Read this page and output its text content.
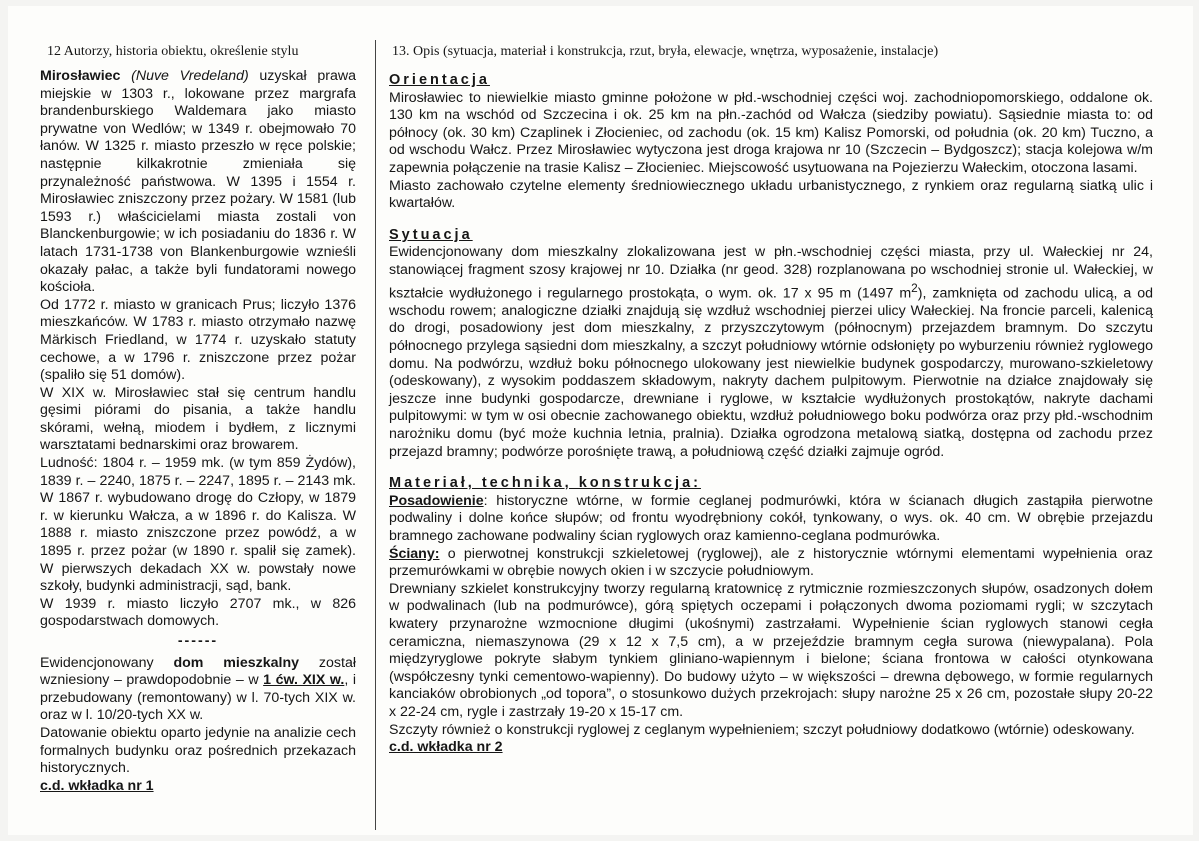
12 Autorzy, historia obiektu, określenie stylu	13. Opis (sytuacja, materiał i konstrukcja, rzut, bryła, elewacje, wnętrza, wyposażenie, instalacje)

Mirosławiec (Nuve Vredeland) uzyskał prawa miejskie w 1303 r., lokowane przez margrafa brandenburskiego Waldemara jako miasto prywatne von Wedlów; w 1349 r. obejmowało 70 łanów. W 1325 r. miasto przeszło w ręce polskie; następnie kilkakrotnie zmieniała się przynależność państwowa. W 1395 i 1554 r. Mirosławiec zniszczony przez pożary. W 1581 (lub 1593 r.) właścicielami miasta zostali von Blanckenburgowie; w ich posiadaniu do 1836 r. W latach 1731-1738 von Blankenburgowie wznieśli okazały pałac, a także byli fundatorami nowego kościoła.

Od 1772 r. miasto w granicach Prus; liczyło 1376 mieszkańców. W 1783 r. miasto otrzymało nazwę Märkisch Friedland, w 1774 r. uzyskało statuty cechowe, a w 1796 r. zniszczone przez pożar (spaliło się 51 domów).

W XIX w. Mirosławiec stał się centrum handlu gęsimi piórami do pisania, a także handlu skórami, wełną, miodem i bydłem, z licznymi warsztatami bednarskimi oraz browarem.

Ludność: 1804 r. – 1959 mk. (w tym 859 Żydów), 1839 r. – 2240, 1875 r. – 2247, 1895 r. – 2143 mk. W 1867 r. wybudowano drogę do Człopy, w 1879 r. w kierunku Wałcza, a w 1896 r. do Kalisza. W 1888 r. miasto zniszczone przez powódź, a w 1895 r. przez pożar (w 1890 r. spalił się zamek). W pierwszych dekadach XX w. powstały nowe szkoły, budynki administracji, sąd, bank.

W 1939 r. miasto liczyło 2707 mk., w 826 gospodarstwach domowych.

------

Ewidencjonowany dom mieszkalny został wzniesiony – prawdopodobnie – w 1 ćw. XIX w., i przebudowany (remontowany) w l. 70-tych XIX w. oraz w l. 10/20-tych XX w.

Datowanie obiektu oparto jedynie na analizie cech formalnych budynku oraz pośrednich przekazach historycznych.

c.d. wkładka nr 1

Orientacja

Mirosławiec to niewielkie miasto gminne położone w płd.-wschodniej części woj. zachodniopomorskiego, oddalone ok. 130 km na wschód od Szczecina i ok. 25 km na płn.-zachód od Wałcza (siedziby powiatu). Sąsiednie miasta to: od północy (ok. 30 km) Czaplinek i Złocieniec, od zachodu (ok. 15 km) Kalisz Pomorski, od południa (ok. 20 km) Tuczno, a od wschodu Wałcz. Przez Mirosławiec wytyczona jest droga krajowa nr 10 (Szczecin – Bydgoszcz); stacja kolejowa w/m zapewnia połączenie na trasie Kalisz – Złocieniec. Miejscowość usytuowana na Pojezierzu Wałeckim, otoczona lasami.

Miasto zachowało czytelne elementy średniowiecznego układu urbanistycznego, z rynkiem oraz regularną siatką ulic i kwartałów.

Sytuacja

Ewidencjonowany dom mieszkalny zlokalizowana jest w płn.-wschodniej części miasta, przy ul. Wałeckiej nr 24, stanowiącej fragment szosy krajowej nr 10. Działka (nr geod. 328) rozplanowana po wschodniej stronie ul. Wałeckiej, w kształcie wydłużonego i regularnego prostokąta, o wym. ok. 17 x 95 m (1497 $m^2$), zamknięta od zachodu ulicą, a od wschodu rowem; analogiczne działki znajdują się wzdłuż wschodniej pierzei ulicy Wałeckiej. Na froncie parceli, kalenicą do drogi, posadowiony jest dom mieszkalny, z przyszczytowym (północnym) przejazdem bramnym. Do szczytu północnego przylega sąsiedni dom mieszkalny, a szczyt południowy wtórnie odsłonięty po wyburzeniu również ryglowego domu. Na podwórzu, wzdłuż boku północnego ulokowany jest niewielkie budynek gospodarczy, murowano-szkieletowy (odeskowany), z wysokim poddaszem składowym, nakryty dachem pulpitowym. Pierwotnie na działce znajdowały się jeszcze inne budynki gospodarcze, drewniane i ryglowe, w kształcie wydłużonych prostokątów, nakryte dachami pulpitowymi: w tym w osi obecnie zachowanego obiektu, wzdłuż południowego boku podwórza oraz przy płd.-wschodnim narożniku domu (być może kuchnia letnia, pralnia). Działka ogrodzona metalową siatką, dostępna od zachodu przez przejazd bramny; podwórze porośnięte trawą, a południową część działki zajmuje ogród.

Materiał, technika, konstrukcja:

Posadowienie: historyczne wtórne, w formie ceglanej podmurówki, która w ścianach długich zastąpiła pierwotne podwaliny i dolne końce słupów; od frontu wyodrębniony cokół, tynkowany, o wys. ok. 40 cm. W obrębie przejazdu bramnego zachowane podwaliny ścian ryglowych oraz kamienno-ceglana podmurówka.

Ściany: o pierwotnej konstrukcji szkieletowej (ryglowej), ale z historycznie wtórnymi elementami wypełnienia oraz przemurówkami w obrębie nowych okien i w szczycie południowym.

Drewniany szkielet konstrukcyjny tworzy regularną kratownicę z rytmicznie rozmieszczonych słupów, osadzonych dołem w podwalinach (lub na podmurówce), górą spiętych oczepami i połączonych dwoma poziomami rygli; w szczytach kwatery przynarożne wzmocnione długimi (ukośnymi) zastrzałami. Wypełnienie ścian ryglowych stanowi cegła ceramiczna, niemaszynowa (29 x 12 x 7,5 cm), a w przejeździe bramnym cegła surowa (niewypalana). Pola międzyryglowe pokryte słabym tynkiem gliniano-wapiennym i bielone; ściana frontowa w całości otynkowana (współczesny tynki cementowo-wapienny). Do budowy użyto – w większości – drewna dębowego, w formie regularnych kanciaków obrobionych „od topora”, o stosunkowo dużych przekrojach: słupy narożne 25 x 26 cm, pozostałe słupy 20-22 x 22-24 cm, rygle i zastrzały 19-20 x 15-17 cm.

Szczyty również o konstrukcji ryglowej z ceglanym wypełnieniem; szczyt południowy dodatkowo (wtórnie) odeskowany.

c.d. wkładka nr 2
